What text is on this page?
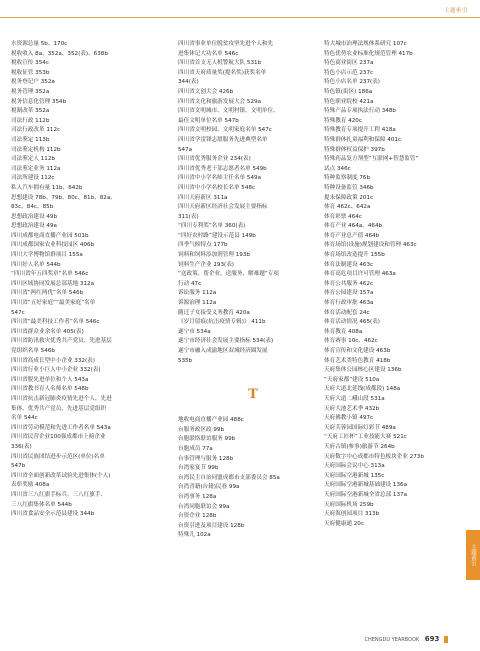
主题索引
水资源总量 5b、170c
税收收入 8a、352a、352(表)、638b
税收宣传 354c
税收征管 353b
税务登记户 352a
税务管理 352a
税务信息化管理 354b
税制改革 352a
司法行政 112b
司法行政改革 112c
司法鉴定 113b
司法鉴定机构 112b
司法鉴定人 112b
司法鉴定业务 112a
司法所建设 112c
私人汽车拥有量 11b、642b
思想建设 78b、79b、80c、81b、82a、
83c、84c、85b
思想政治建设 49b
思想政治建设 49a
四川成都电商直播产业园 501b
四川成都国家农业科技园区 406b
四川大学博物馆群项目 155a
四川好人名单 544b
“四川省年五四奖章”名单 546c
四川区域协同发展总部基地 312a
四川省“两红两优”名单 546b
四川省“五好家庭”“最美家庭”名单
547c
四川省“最美科技工作者”名单 546c
四川省群众业余名单 405(表)
四川省防汛救灾优秀共产党员、先进基层
党组织名单 546b
四川省高成长型中小企业 332(表)
四川省行业小巨人中小企业 332(表)
四川省脱先进单位和个人 543a
四川省教书育人名师名单 548b
四川省抗击新冠肺炎疫情先进个人、先进
集体、优秀共产党员、先进基层党组织
名单 544c
四川省劳动模范和先进工作者名单 543a
四川省民营企业100强成都市上榜企业
336(表)
四川省民族团结进步示范区(单位)名单
547b
四川省全面创新改革试验先进集体(个人)
表彰奖励 408a
四川省三八红旗手标兵、三八红旗手、
三八红旗集体名单 544b
四川省食品安全示范县建设 344b
四川省事业单位脱贫攻坚先进个人和先
进集体记大功名单 546c
四川省首支无人机警航大队 531b
四川省天府质量奖(提名奖)获奖名单
344(表)
四川省文创大会 426b
四川省文化和旅游发展大会 529a
四川省文明城市、文明村镇、文明单位、
最佳文明单位名单 547b
四川省文明校园、文明家庭名单 547c
四川省学雷锋志愿服务先进典型名单
547a
四川省优秀服务企业 234(表)
四川省优秀老干部志愿者名单 549b
四川省中小学名师主任名单 549a
四川省中小学名校长名单 548c
四川天府新区 311a
四川天府新区经济社会发展主要指标
311(表)
“四川专利奖”名单 360(表)
“四好农村路”建设示范县 149b
四季气候特点 177b
饲料和饲料添加剂管理 193b
饲料生产企业 193(表)
“送政策、帮企业、送服务、解难题”专项
行动 47c
诉讼服务 112a
诉源治理 112a
随迁子女接受义务教育 420a
《岁月留痕(抗击疫情专辑)》 411b
遂宁市 534a
遂宁市经济社会发展主要指标 534(表)
遂宁市融入成渝地区双城经济圈发展
535b
T
地收电商直播产业园 488c
台服务政区政 99b
台胞联络联谊服务 99b
台胞成员 77a
台事管理与服务 128b
台湾家宴节 99b
台湾民主自治同盟成都市支部委员会 85a
台湾青籍(台籍)民眷 99a
台湾事务 128a
台湾同胞联谊会 99a
台资企业 128b
台资引进及项目建设 128b
特殊儿 102a
特大城市治理法规体系研究 107c
特色优势农业标准化规范管理 417b
特色商业街区 237a
特色小店示范 237c
特色小店名单 237(表)
特色镇(街区) 186a
特色职业院校 421a
特殊产品专项执法行动 348b
特殊教育 420c
特殊教育专项提升工程 418a
特殊群体扎童福利和保障 401c
特殊群体权益保护 397b
特殊药品复方剂型“互联网+智慧监管”
试点 346c
特种监察制度 76b
特种设备监管 346b
提未保障政策 201c
体育 462c、642a
体育彩票 464c
体育产业 464a、464b
体育产业总产值 464b
体育场馆(设施)规划建设和管理 463c
体育场馆改造提升 155b
体育法制建设 463c
体育高危项目许可管理 463a
体育公共服务 462c
体育公园建设 157a
体育行政审批 463a
体育活动配套 24c
体育活动情况 465(表)
体育教育 408a
体育赛事 10c、462c
体育宣传和文化建设 463b
体育艺术类特色教育 418b
天府集体公园核心区建设 136b
“天府家都”建设 510a
天府大道北延线(成都段) 148a
天府大道二峨山段 531a
天府大池艺术季 432b
天府佛教小镇 497c
天府芙蓉园国际灯彩节 489a
“天府工匠杯”工业技能大赛 521c
天府古镇(参事)旅游节 264b
天府数字中心成都市特色板块企业 273b
天府国际会议中心 313a
天府国际空港新城 135c
天府国际空港新城基础建设 136a
天府国际空港新城全省总部 137a
天府国际机场 259b
天府海创园项目 313b
天府健康通 20c
主题索引
CHENGDU YEARBOOK 693
